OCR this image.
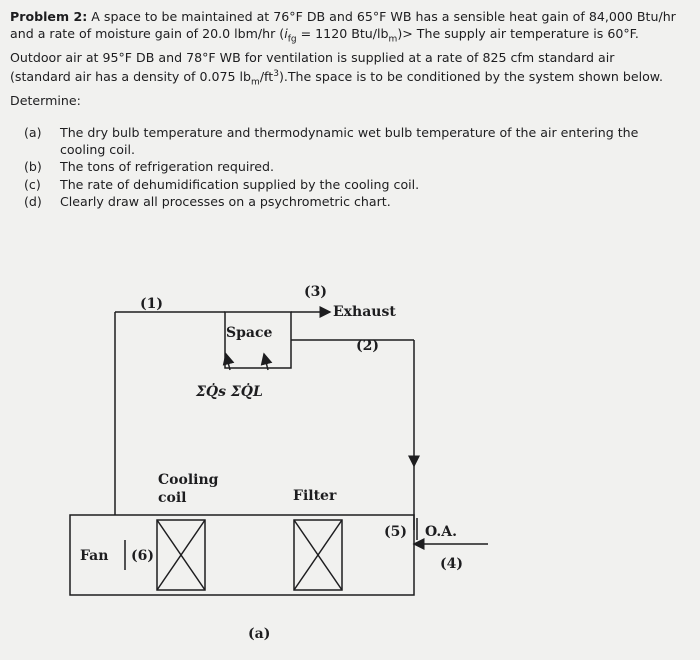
Problem 2: A space to be maintained at 76°F DB and 65°F WB has a sensible heat gain of 84,000 Btu/hr
and a rate of moisture gain of 20.0 lbm/hr ($i_{fg} = 1120$ Btu/$lb_m)>$ The supply air temperature is 60°F.
Outdoor air at 95°F DB and 78°F WB for ventilation is supplied at a rate of 825 cfm standard air
(standard air has a density of 0.075 $lb_m/ft^3).The$ space is to be conditioned by the system shown below.
Determine:
(a)	The dry bulb temperature and thermodynamic wet bulb temperature of the air entering the cooling coil.
(b)	The tons of refrigeration required.
(c)	The rate of dehumidification supplied by the cooling coil.
(d)	Clearly draw all processes on a psychrometric chart.
(1)
(3)
Exhaust
Space
(2)
ΣQ̇s ΣQ̇L
Cooling
coil	Filter
Fan (6)
(5) O.A.
(4)
(a)
